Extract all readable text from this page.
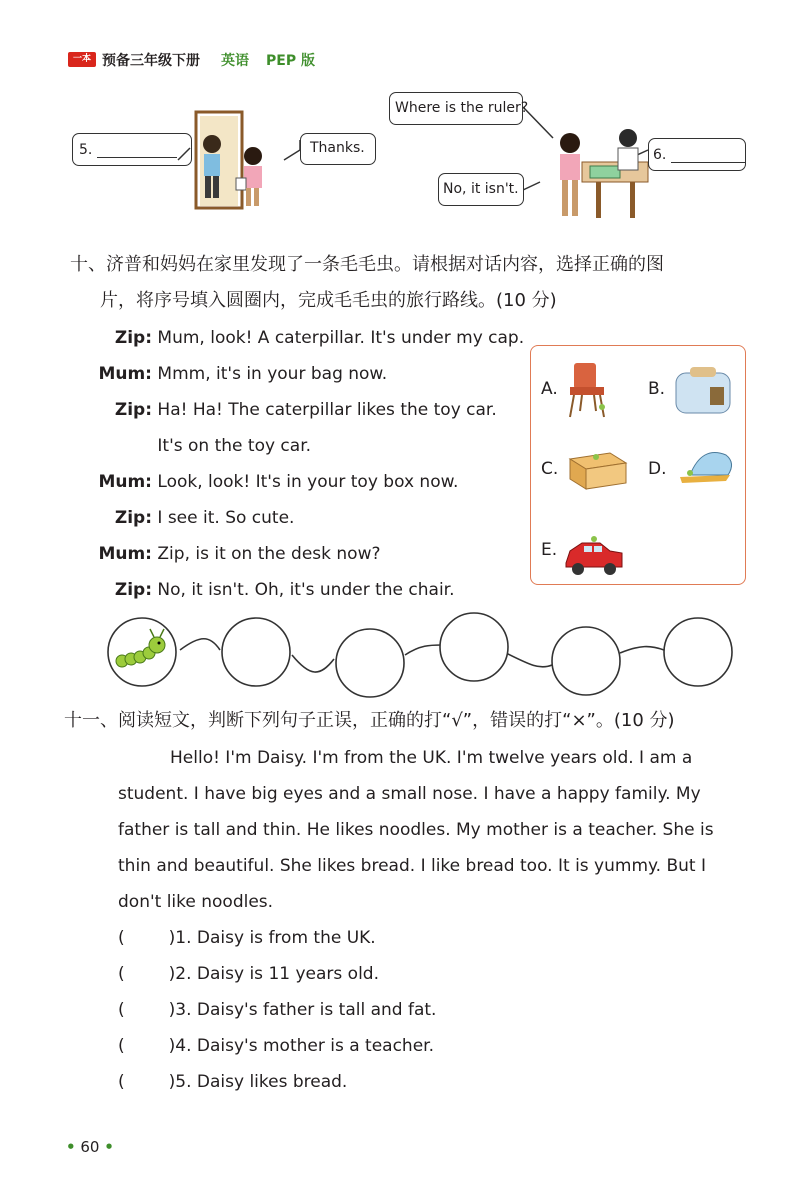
一本 预备三年级下册 英语 PEP 版
5.	Thanks.
Where is the ruler?
No, it isn't.
6.
十、济普和妈妈在家里发现了一条毛毛虫。请根据对话内容，选择正确的图
片，将序号填入圆圈内，完成毛毛虫的旅行路线。(10 分)
Zip: Mum, look! A caterpillar. It's under my cap.
Mum: Mmm, it's in your bag now.
Zip: Ha! Ha! The caterpillar likes the toy car.
It's on the toy car.
Mum: Look, look! It's in your toy box now.
Zip: I see it. So cute.
Mum: Zip, is it on the desk now?
Zip: No, it isn't. Oh, it's under the chair.
A.	B.
C.	D.
E.
十一、阅读短文，判断下列句子正误，正确的打“√”，错误的打“×”。(10 分)
Hello! I'm Daisy. I'm from the UK. I'm twelve years old. I am a
student. I have big eyes and a small nose. I have a happy family. My
father is tall and thin. He likes noodles. My mother is a teacher. She is
thin and beautiful. She likes bread. I like bread too. It is yummy. But I
don't like noodles.
(	)1. Daisy is from the UK.
(	)2. Daisy is 11 years old.
(	)3. Daisy's father is tall and fat.
(	)4. Daisy's mother is a teacher.
(	)5. Daisy likes bread.
• 60 •
